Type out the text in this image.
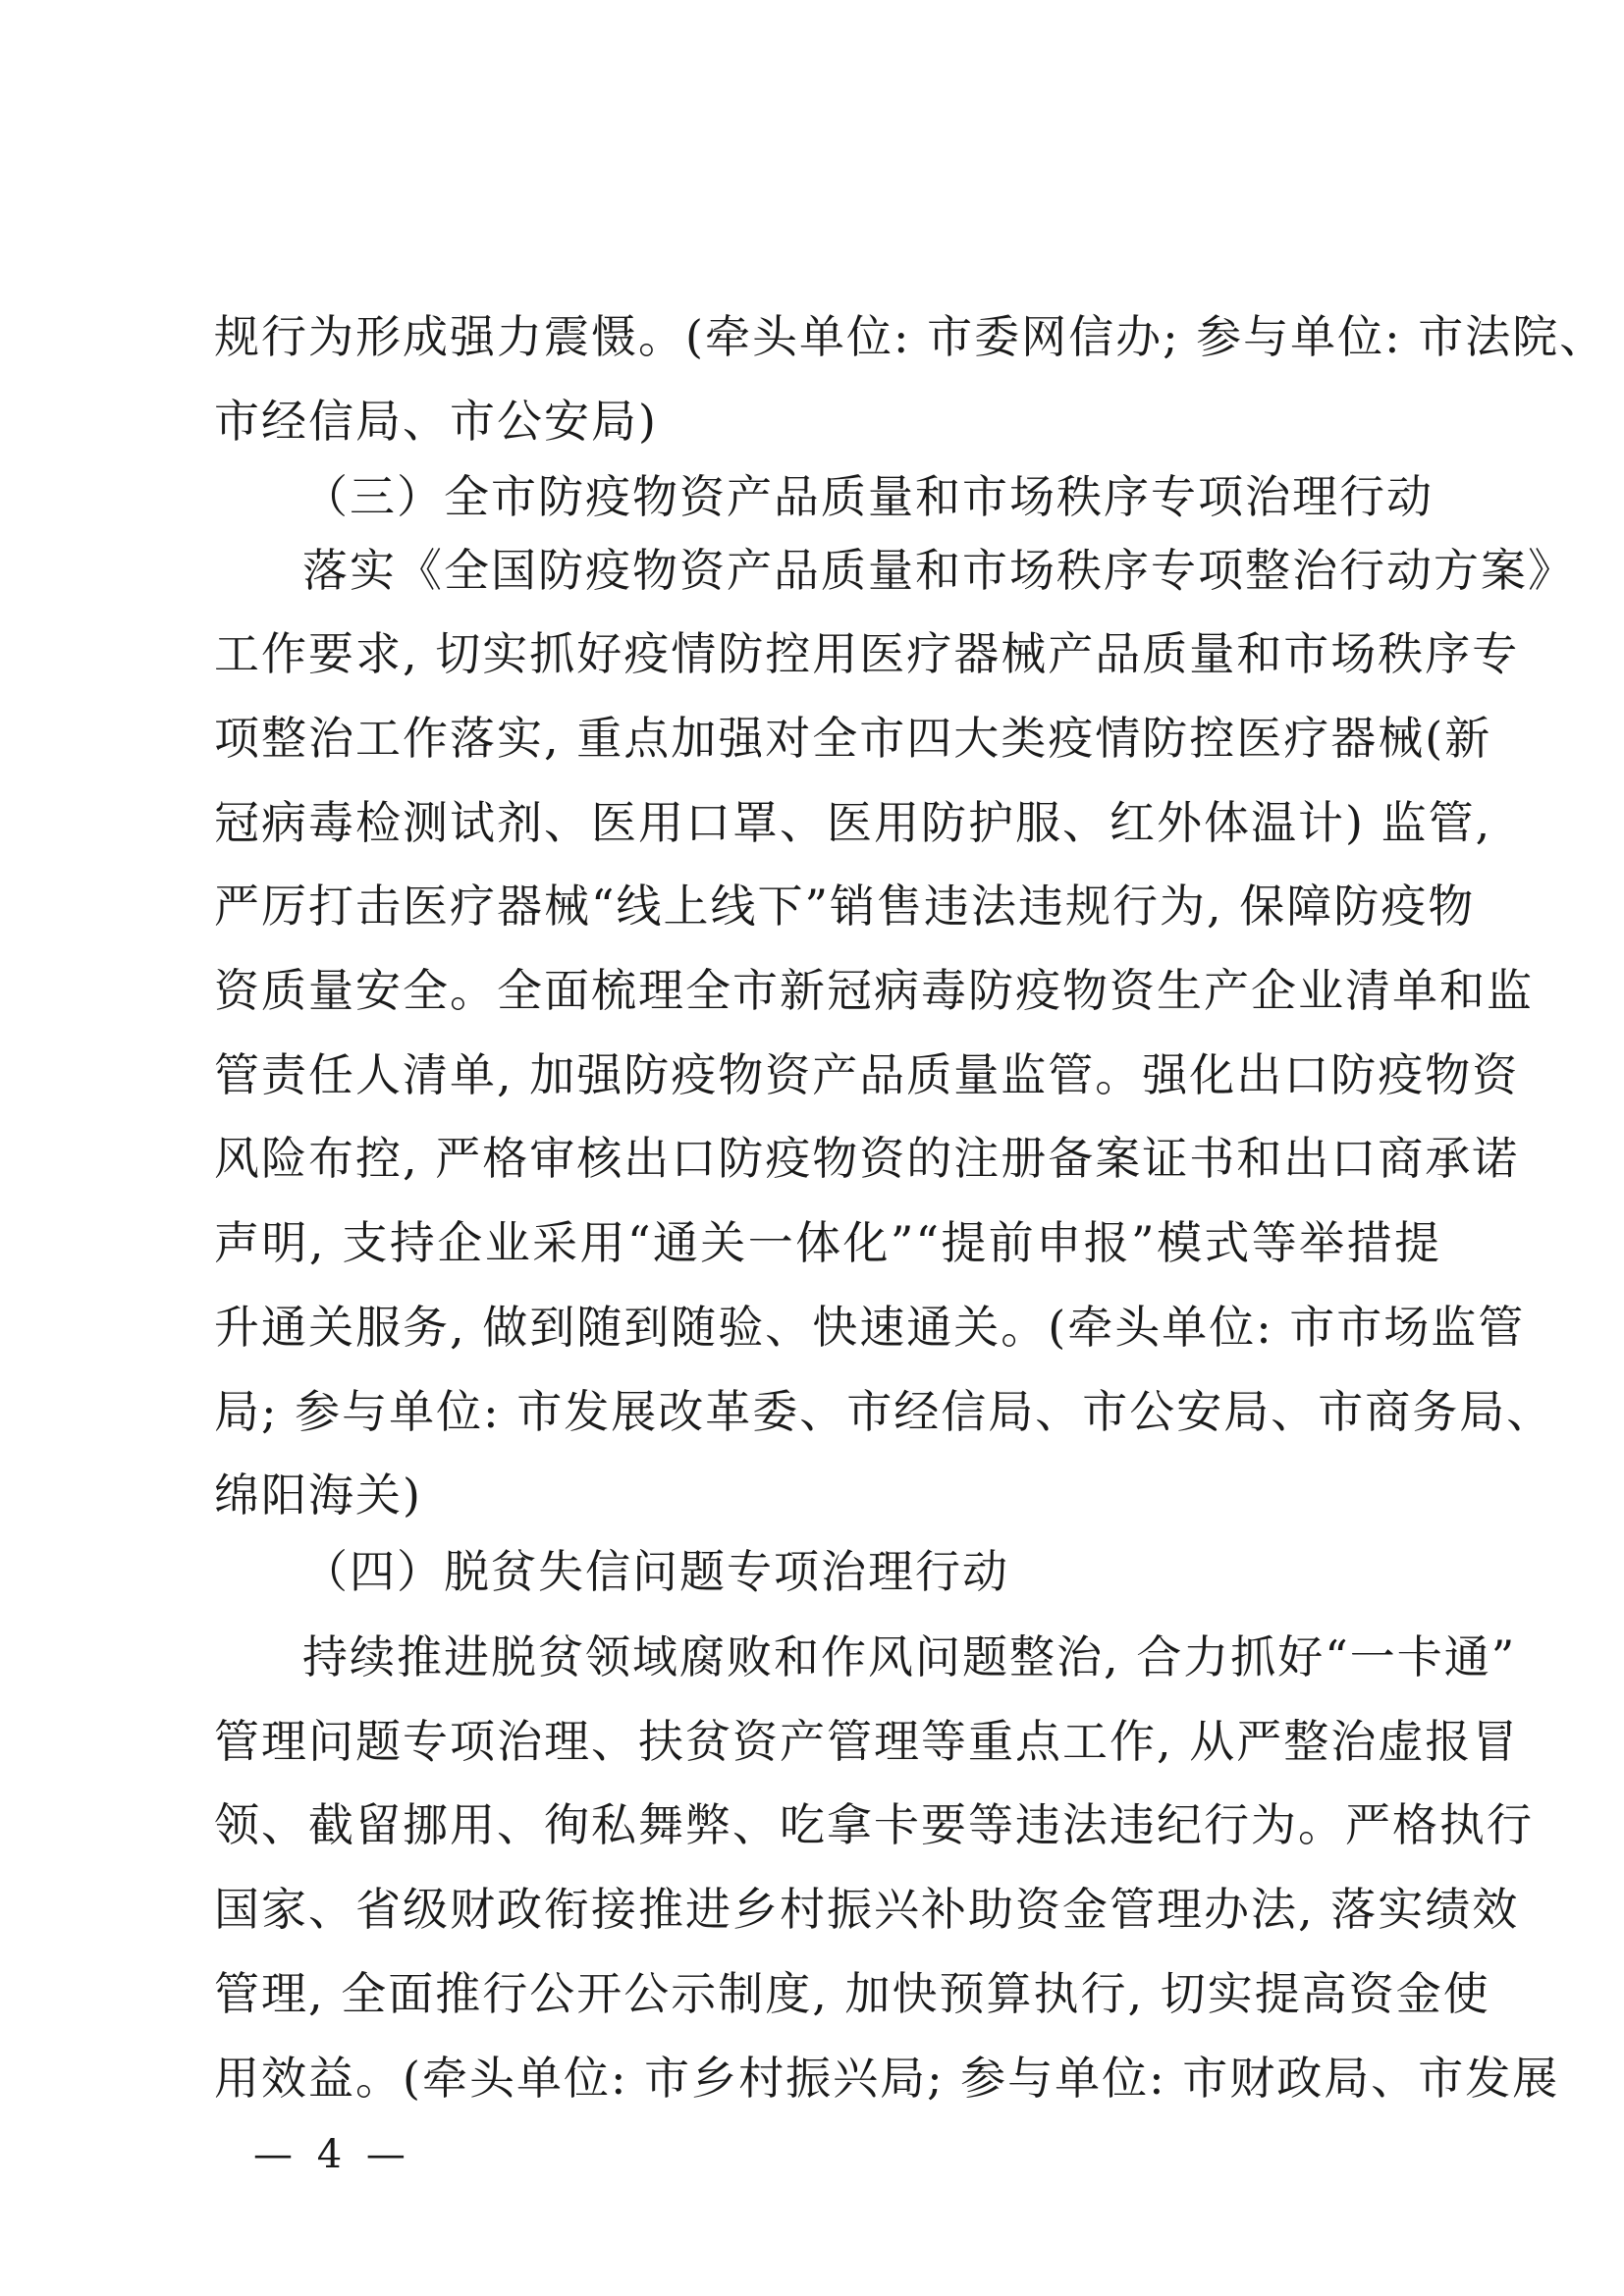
规行为形成强力震慑。(牵头单位: 市委网信办; 参与单位: 市法院、
市经信局、市公安局)
（三）全市防疫物资产品质量和市场秩序专项治理行动
落实《全国防疫物资产品质量和市场秩序专项整治行动方案》
工作要求, 切实抓好疫情防控用医疗器械产品质量和市场秩序专
项整治工作落实, 重点加强对全市四大类疫情防控医疗器械(新
冠病毒检测试剂、医用口罩、医用防护服、红外体温计) 监管,
严厉打击医疗器械“线上线下”销售违法违规行为, 保障防疫物
资质量安全。全面梳理全市新冠病毒防疫物资生产企业清单和监
管责任人清单, 加强防疫物资产品质量监管。强化出口防疫物资
风险布控, 严格审核出口防疫物资的注册备案证书和出口商承诺
声明, 支持企业采用“通关一体化”“提前申报”模式等举措提
升通关服务, 做到随到随验、快速通关。(牵头单位: 市市场监管
局; 参与单位: 市发展改革委、市经信局、市公安局、市商务局、
绵阳海关)
（四）脱贫失信问题专项治理行动
持续推进脱贫领域腐败和作风问题整治, 合力抓好“一卡通”
管理问题专项治理、扶贫资产管理等重点工作, 从严整治虚报冒
领、截留挪用、徇私舞弊、吃拿卡要等违法违纪行为。严格执行
国家、省级财政衔接推进乡村振兴补助资金管理办法, 落实绩效
管理, 全面推行公开公示制度, 加快预算执行, 切实提高资金使
用效益。(牵头单位: 市乡村振兴局; 参与单位: 市财政局、市发展
— 4 —
